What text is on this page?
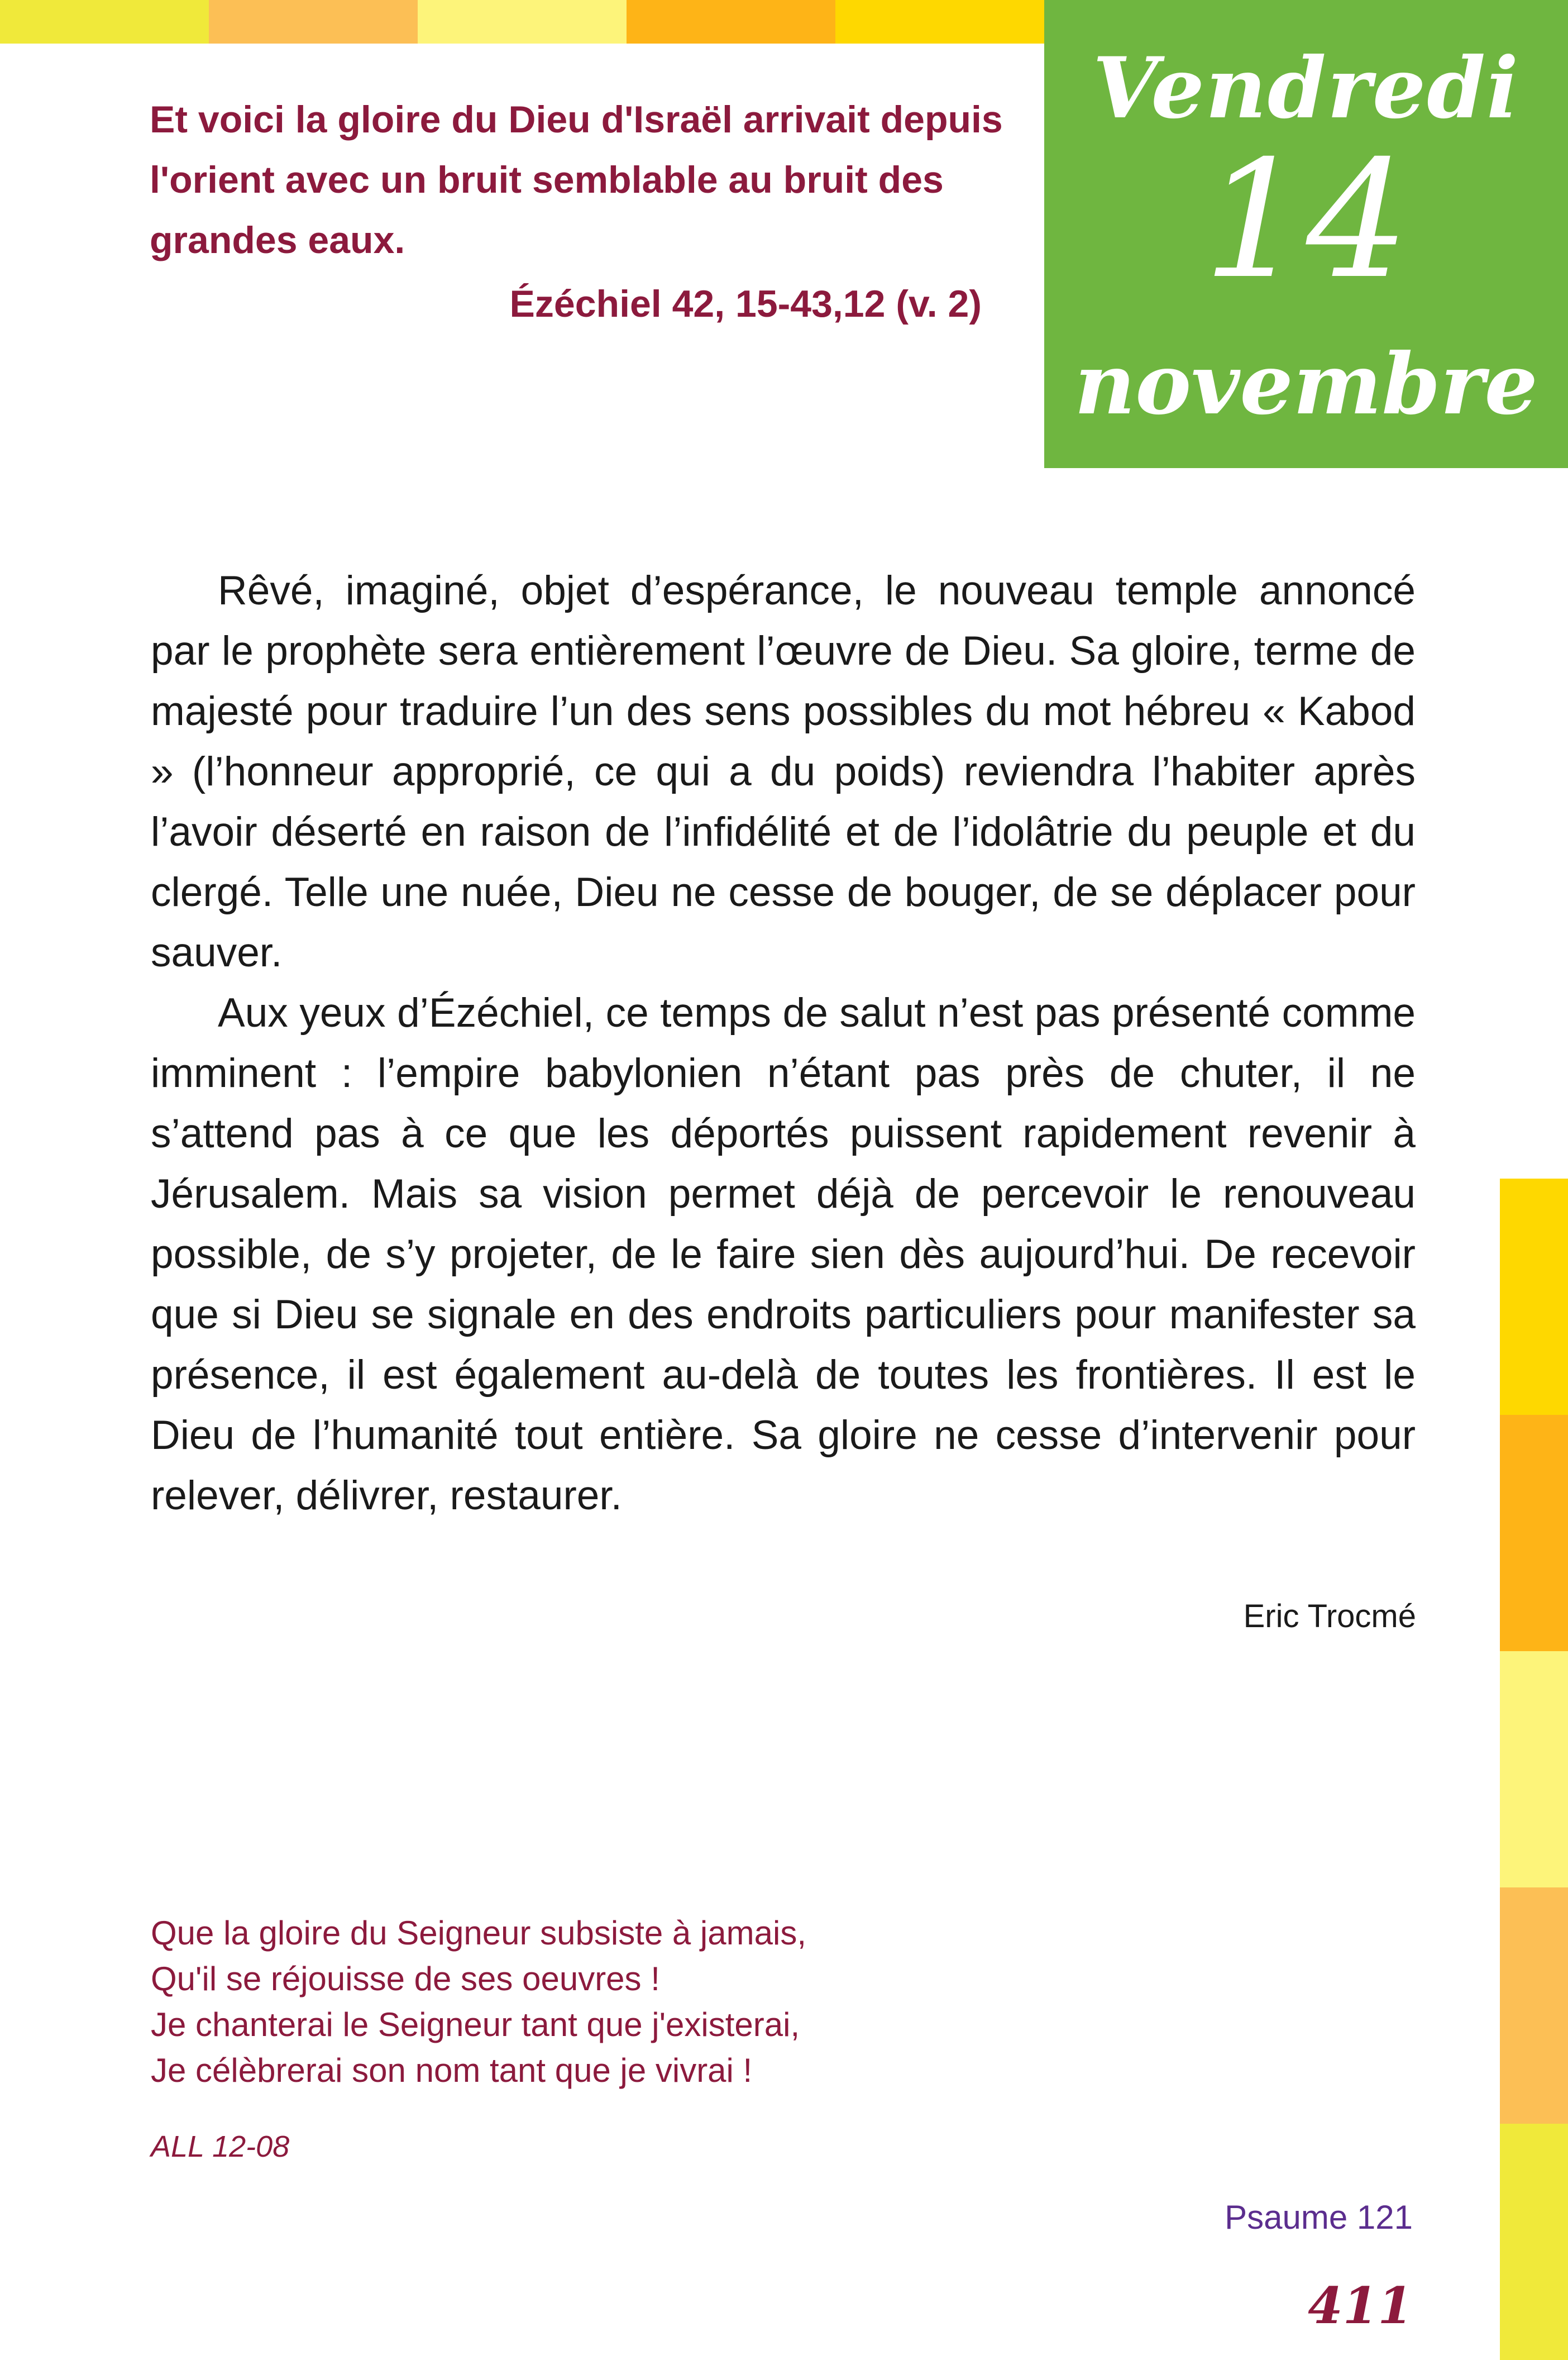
Vendredi
14
novembre

Et voici la gloire du Dieu d'Israël arrivait depuis l'orient avec un bruit semblable au bruit des grandes eaux.

Ézéchiel 42, 15-43,12 (v. 2)

Rêvé, imaginé, objet d’espérance, le nouveau temple annoncé par le prophète sera entièrement l’œuvre de Dieu. Sa gloire, terme de majesté pour traduire l’un des sens possibles du mot hébreu « Kabod » (l’honneur approprié, ce qui a du poids) reviendra l’habiter après l’avoir déserté en raison de l’infidélité et de l’idolâtrie du peuple et du clergé. Telle une nuée, Dieu ne cesse de bouger, de se déplacer pour sauver.

Aux yeux d’Ézéchiel, ce temps de salut n’est pas présenté comme imminent : l’empire babylonien n’étant pas près de chuter, il ne s’attend pas à ce que les déportés puissent rapidement revenir à Jérusalem. Mais sa vision permet déjà de percevoir le renouveau possible, de s’y projeter, de le faire sien dès aujourd’hui. De recevoir que si Dieu se signale en des endroits particuliers pour manifester sa présence, il est également au-delà de toutes les frontières. Il est le Dieu de l’humanité tout entière. Sa gloire ne cesse d’intervenir pour relever, délivrer, restaurer.

Eric Trocmé
Que la gloire du Seigneur subsiste à jamais,
Qu'il se réjouisse de ses oeuvres !
Je chanterai le Seigneur tant que j'existerai,
Je célèbrerai son nom tant que je vivrai !
ALL 12-08
Psaume 121
411
